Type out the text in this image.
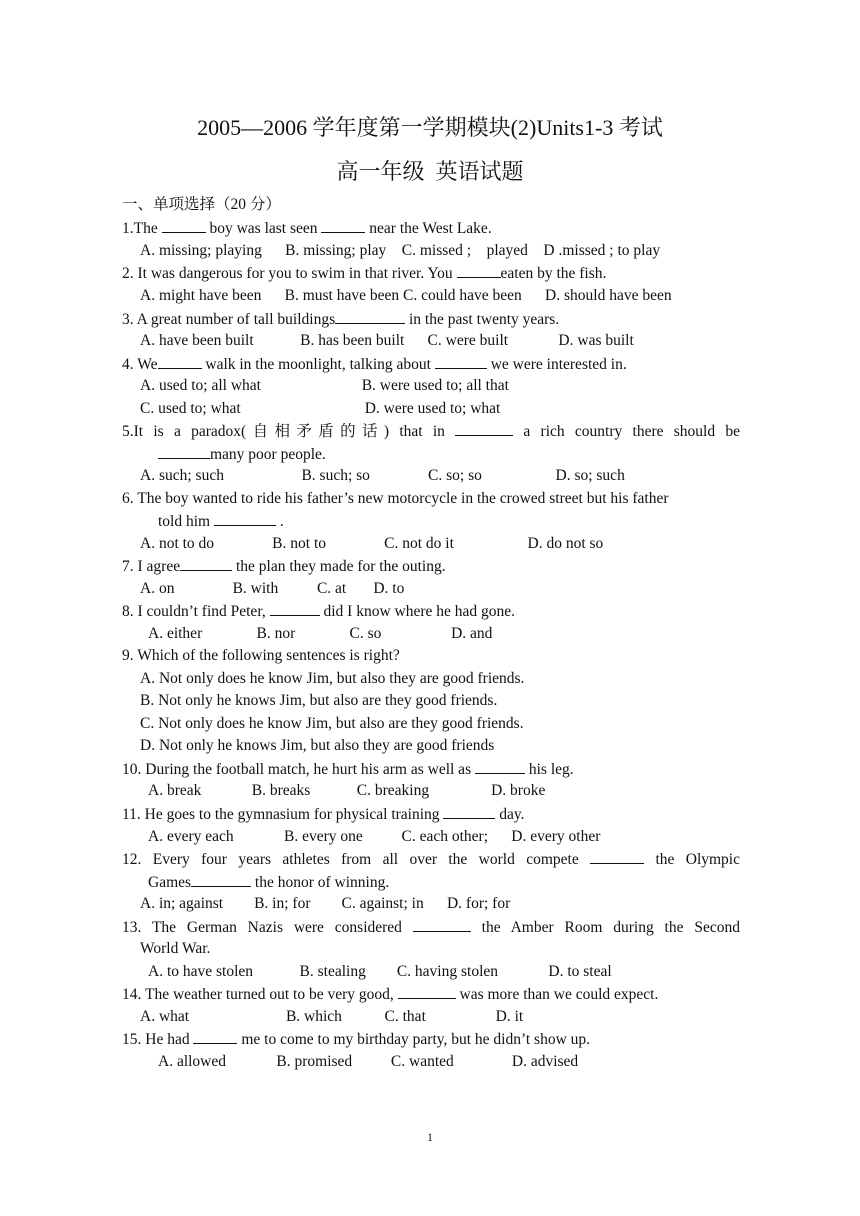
2005—2006 学年度第一学期模块(2)Units1-3 考试
高一年级  英语试题
一、单项选择（20 分）
1.The	boy was last seen	near the West Lake.
A. missing; playing      B. missing; play    C. missed ;    played    D .missed ; to play
2. It was dangerous for you to swim in that river. You	eaten by the fish.
A. might have been      B. must have been C. could have been      D. should have been
3. A great number of tall buildings	in the past twenty years.
A. have been built            B. has been built      C. were built             D. was built
4. We	walk in the moonlight, talking about	we were interested in.
A. used to; all what                          B. were used to; all that
C. used to; what                                D. were used to; what
5.It is a paradox(自相矛盾的话) that in	a rich country there should be
many poor people.
A. such; such                    B. such; so               C. so; so                   D. so; such
6. The boy wanted to ride his father’s new motorcycle in the crowed street but his father
told him	.
A. not to do               B. not to               C. not do it                   D. do not so
7. I agree	the plan they made for the outing.
A. on               B. with          C. at       D. to
8. I couldn’t find Peter,	did I know where he had gone.
A. either              B. nor              C. so                  D. and
9. Which of the following sentences is right?
A. Not only does he know Jim, but also they are good friends.
B. Not only he knows Jim, but also are they good friends.
C. Not only does he know Jim, but also are they good friends.
D. Not only he knows Jim, but also they are good friends
10. During the football match, he hurt his arm as well as	his leg.
A. break             B. breaks            C. breaking                D. broke
11. He goes to the gymnasium for physical training	day.
A. every each             B. every one          C. each other;      D. every other
12. Every four years athletes from all over the world compete	the Olympic
Games	the honor of winning.
A. in; against        B. in; for        C. against; in      D. for; for
13. The German Nazis were considered	the Amber Room during the Second
World War.
A. to have stolen            B. stealing        C. having stolen             D. to steal
14. The weather turned out to be very good,	was more than we could expect.
A. what                         B. which           C. that                  D. it
15. He had	me to come to my birthday party, but he didn’t show up.
A. allowed             B. promised          C. wanted               D. advised
1
